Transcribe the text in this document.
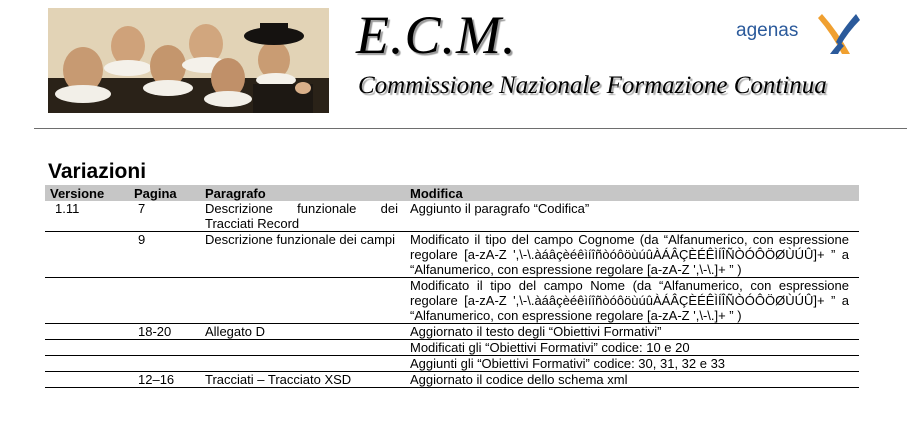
E.C.M.
Commissione Nazionale Formazione Continua
agenas
Variazioni
Versione	Pagina	Paragrafo	Modifica
1.11	7	Descrizione funzionale dei Tracciati Record	Aggiunto il paragrafo “Codifica”
	9	Descrizione funzionale dei campi	Modificato il tipo del campo Cognome (da “Alfanumerico, con espressione regolare [a-zA-Z ',\-\.àáâçèéêìíîñòóôöùúûÀÁÂÇÈÉÊÌÍÎÑÒÓÔÖØÙÚÛ]+ ” a “Alfanumerico, con espressione regolare [a-zA-Z ',\-\.]+ ” )
			Modificato il tipo del campo Nome (da “Alfanumerico, con espressione regolare [a-zA-Z ',\-\.àáâçèéêìíîñòóôöùúûÀÁÂÇÈÉÊÌÍÎÑÒÓÔÖØÙÚÛ]+ ” a “Alfanumerico, con espressione regolare [a-zA-Z ',\-\.]+ ” )
	18-20	Allegato D	Aggiornato il testo degli “Obiettivi Formativi”
			Modificati gli “Obiettivi Formativi” codice: 10 e 20
			Aggiunti gli “Obiettivi Formativi” codice: 30, 31, 32 e 33
	12–16	Tracciati – Tracciato XSD	Aggiornato il codice dello schema xml
